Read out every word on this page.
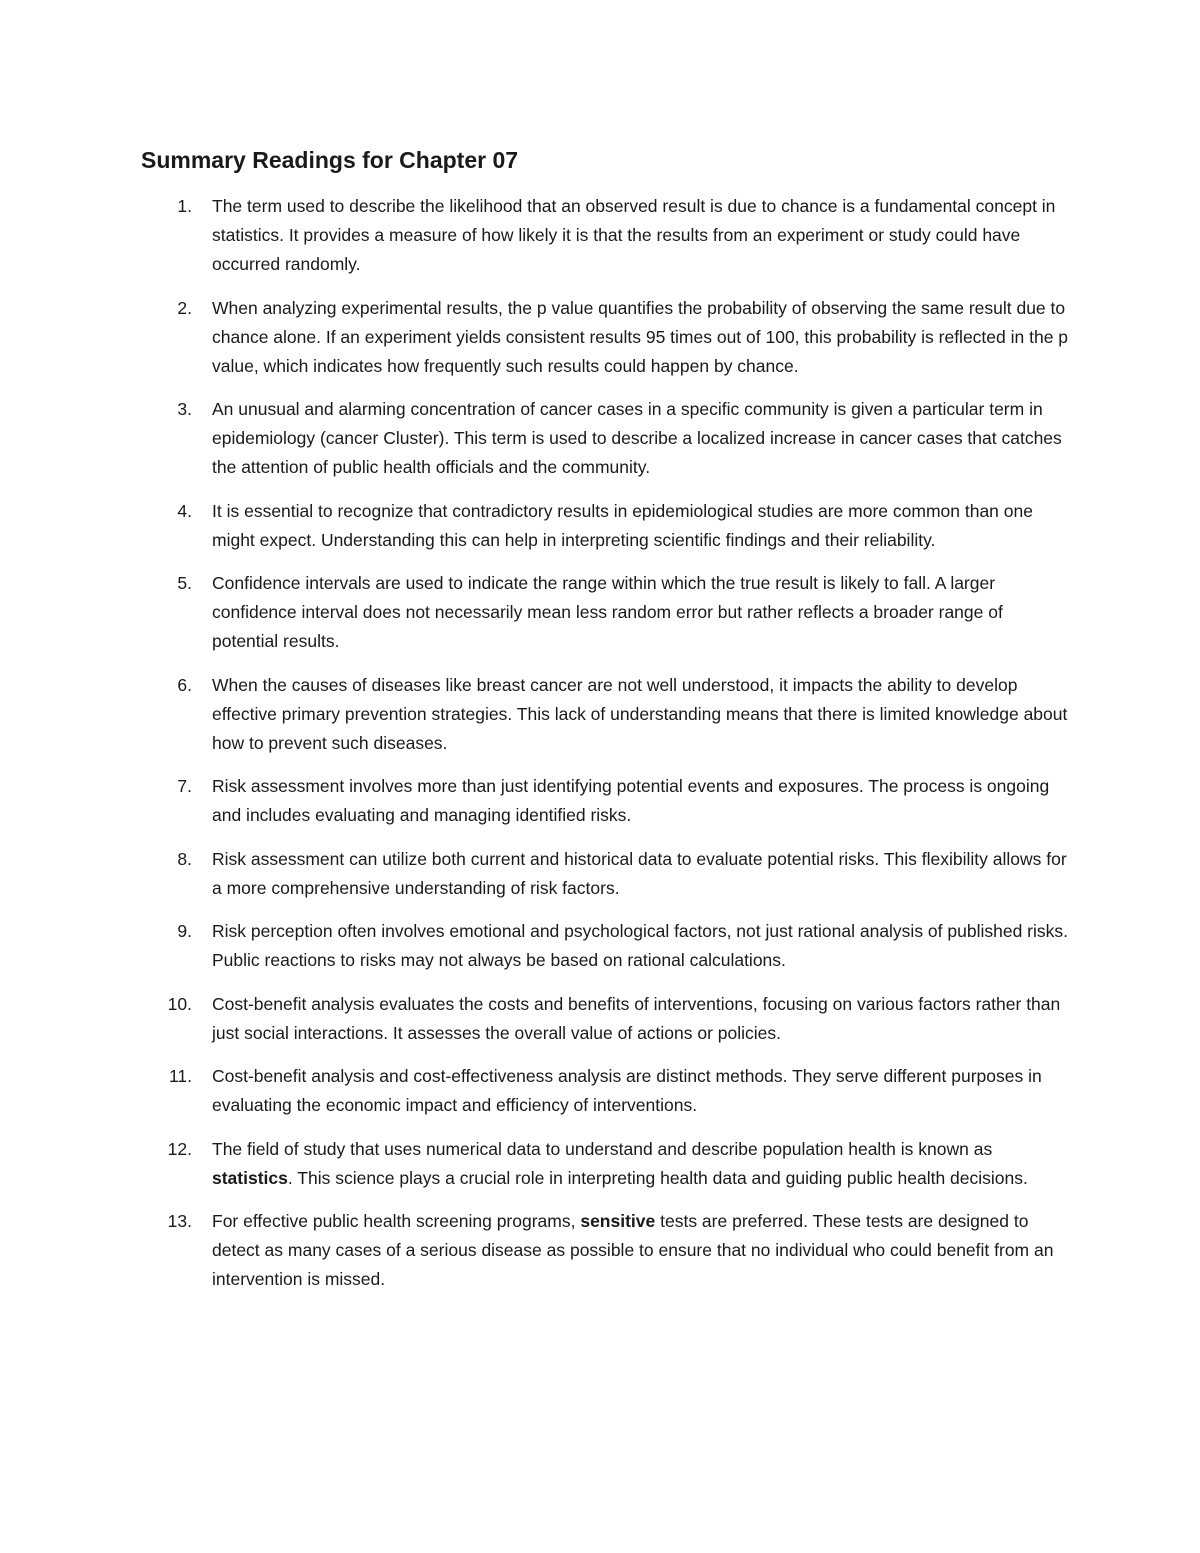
Summary Readings for Chapter 07
1. The term used to describe the likelihood that an observed result is due to chance is a fundamental concept in statistics. It provides a measure of how likely it is that the results from an experiment or study could have occurred randomly.
2. When analyzing experimental results, the p value quantifies the probability of observing the same result due to chance alone. If an experiment yields consistent results 95 times out of 100, this probability is reflected in the p value, which indicates how frequently such results could happen by chance.
3. An unusual and alarming concentration of cancer cases in a specific community is given a particular term in epidemiology (cancer Cluster). This term is used to describe a localized increase in cancer cases that catches the attention of public health officials and the community.
4. It is essential to recognize that contradictory results in epidemiological studies are more common than one might expect. Understanding this can help in interpreting scientific findings and their reliability.
5. Confidence intervals are used to indicate the range within which the true result is likely to fall. A larger confidence interval does not necessarily mean less random error but rather reflects a broader range of potential results.
6. When the causes of diseases like breast cancer are not well understood, it impacts the ability to develop effective primary prevention strategies. This lack of understanding means that there is limited knowledge about how to prevent such diseases.
7. Risk assessment involves more than just identifying potential events and exposures. The process is ongoing and includes evaluating and managing identified risks.
8. Risk assessment can utilize both current and historical data to evaluate potential risks. This flexibility allows for a more comprehensive understanding of risk factors.
9. Risk perception often involves emotional and psychological factors, not just rational analysis of published risks. Public reactions to risks may not always be based on rational calculations.
10. Cost-benefit analysis evaluates the costs and benefits of interventions, focusing on various factors rather than just social interactions. It assesses the overall value of actions or policies.
11. Cost-benefit analysis and cost-effectiveness analysis are distinct methods. They serve different purposes in evaluating the economic impact and efficiency of interventions.
12. The field of study that uses numerical data to understand and describe population health is known as statistics. This science plays a crucial role in interpreting health data and guiding public health decisions.
13. For effective public health screening programs, sensitive tests are preferred. These tests are designed to detect as many cases of a serious disease as possible to ensure that no individual who could benefit from an intervention is missed.
